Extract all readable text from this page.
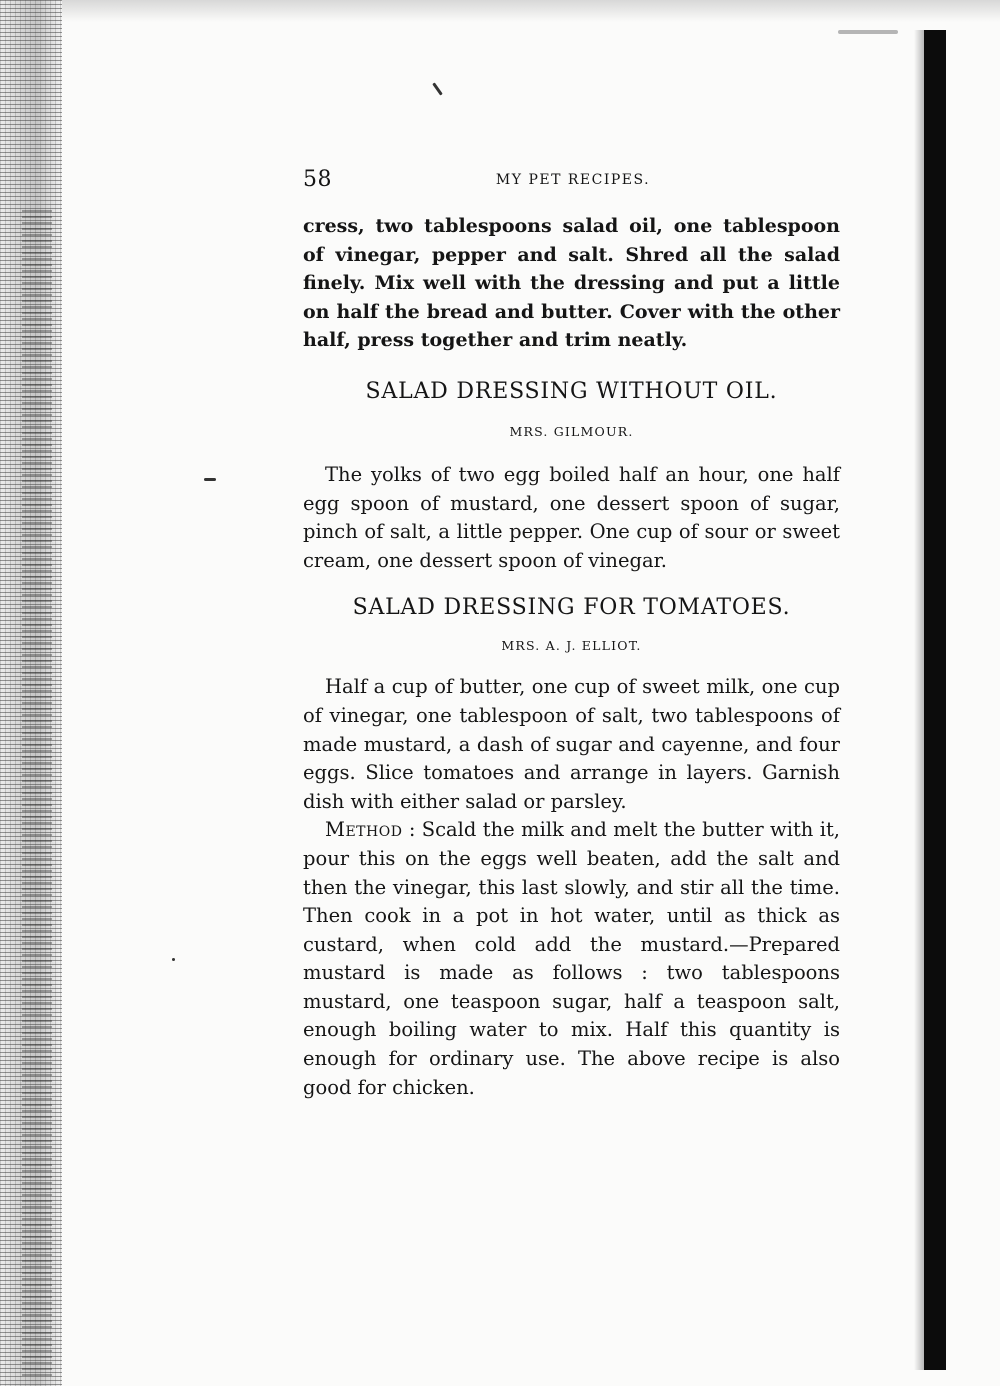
58	MY PET RECIPES.

cress, two tablespoons salad oil, one tablespoon of vinegar, pepper and salt. Shred all the salad finely. Mix well with the dressing and put a little on half the bread and butter. Cover with the other half, press together and trim neatly.

SALAD DRESSING WITHOUT OIL.

MRS. GILMOUR.

The yolks of two egg boiled half an hour, one half egg spoon of mustard, one dessert spoon of sugar, pinch of salt, a little pepper. One cup of sour or sweet cream, one dessert spoon of vinegar.

SALAD DRESSING FOR TOMATOES.

MRS. A. J. ELLIOT.

Half a cup of butter, one cup of sweet milk, one cup of vinegar, one tablespoon of salt, two tablespoons of made mustard, a dash of sugar and cayenne, and four eggs. Slice tomatoes and arrange in layers. Garnish dish with either salad or parsley.

Method : Scald the milk and melt the butter with it, pour this on the eggs well beaten, add the salt and then the vinegar, this last slowly, and stir all the time. Then cook in a pot in hot water, until as thick as custard, when cold add the mustard.—Prepared mustard is made as follows : two tablespoons mustard, one teaspoon sugar, half a teaspoon salt, enough boiling water to mix. Half this quantity is enough for ordinary use. The above recipe is also good for chicken.
